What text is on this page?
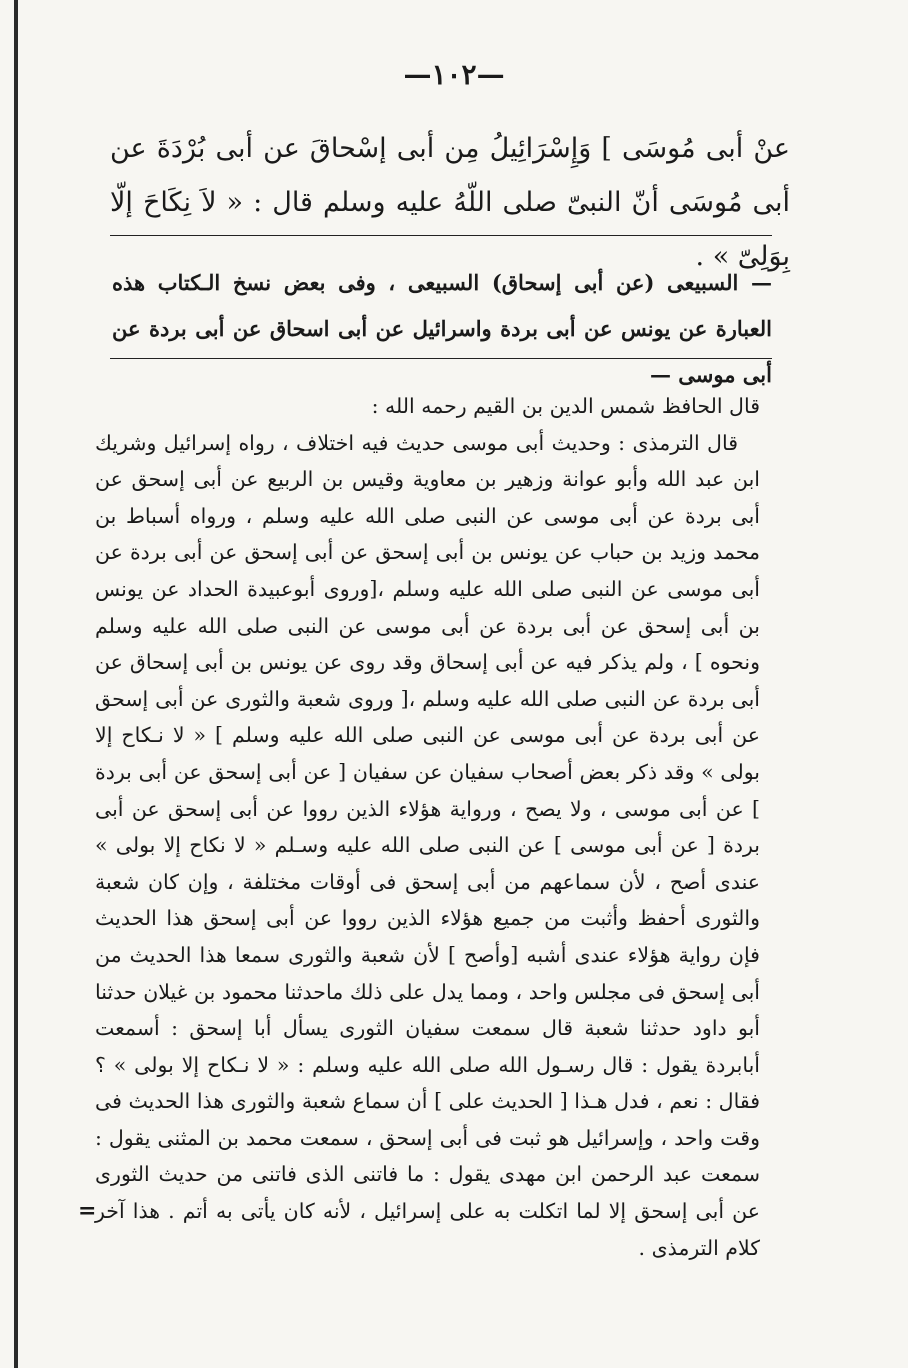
—١٠٢—

عنْ أبى مُوسَى ] وَإِسْرَائِيلُ مِن أبى إسْحاقَ عن أبى بُرْدَةَ عن أبى مُوسَى أنّ النبىّ صلى اللّهُ عليه وسلم قال : « لاَ نِكَاحَ إلّا بِوَلِىّ » .

— السبيعى (عن أبى إسحاق) السبيعى ، وفى بعض نسخ الـكتاب هذه العبارة عن يونس عن أبى بردة واسرائيل عن أبى اسحاق عن أبى بردة عن أبى موسى —

قال الحافظ شمس الدين بن القيم رحمه الله :

قال الترمذى : وحديث أبى موسى حديث فيه اختلاف ، رواه إسرائيل وشريك ابن عبد الله وأبو عوانة وزهير بن معاوية وقيس بن الربيع عن أبى إسحق عن أبى بردة عن أبى موسى عن النبى صلى الله عليه وسلم ، ورواه أسباط بن محمد وزيد بن حباب عن يونس بن أبى إسحق عن أبى إسحق عن أبى بردة عن أبى موسى عن النبى صلى الله عليه وسلم ،[وروى أبوعبيدة الحداد عن يونس بن أبى إسحق عن أبى بردة عن أبى موسى عن النبى صلى الله عليه وسلم ونحوه ] ، ولم يذكر فيه عن أبى إسحاق وقد روى عن يونس بن أبى إسحاق عن أبى بردة عن النبى صلى الله عليه وسلم ،[ وروى شعبة والثورى عن أبى إسحق عن أبى بردة عن أبى موسى عن النبى صلى الله عليه وسلم ] « لا نـكاح إلا بولى » وقد ذكر بعض أصحاب سفيان عن سفيان [ عن أبى إسحق عن أبى بردة ] عن أبى موسى ، ولا يصح ، ورواية هؤلاء الذين رووا عن أبى إسحق عن أبى بردة [ عن أبى موسى ] عن النبى صلى الله عليه وسـلم « لا نكاح إلا بولى » عندى أصح ، لأن سماعهم من أبى إسحق فى أوقات مختلفة ، وإن كان شعبة والثورى أحفظ وأثبت من جميع هؤلاء الذين رووا عن أبى إسحق هذا الحديث فإن رواية هؤلاء عندى أشبه [وأصح ] لأن شعبة والثورى سمعا هذا الحديث من أبى إسحق فى مجلس واحد ، ومما يدل على ذلك ماحدثنا محمود بن غيلان حدثنا أبو داود حدثنا شعبة قال سمعت سفيان الثورى يسأل أبا إسحق : أسمعت أبابردة يقول : قال رسـول الله صلى الله عليه وسلم : « لا نـكاح إلا بولى » ؟ فقال : نعم ، فدل هـذا [ الحديث على ] أن سماع شعبة والثورى هذا الحديث فى وقت واحد ، وإسرائيل هو ثبت فى أبى إسحق ، سمعت محمد بن المثنى يقول : سمعت عبد الرحمن ابن مهدى يقول : ما فاتنى الذى فاتنى من حديث الثورى عن أبى إسحق إلا لما اتكلت به على إسرائيل ، لأنه كان يأتى به أتم . هذا آخر كلام الترمذى .

=
